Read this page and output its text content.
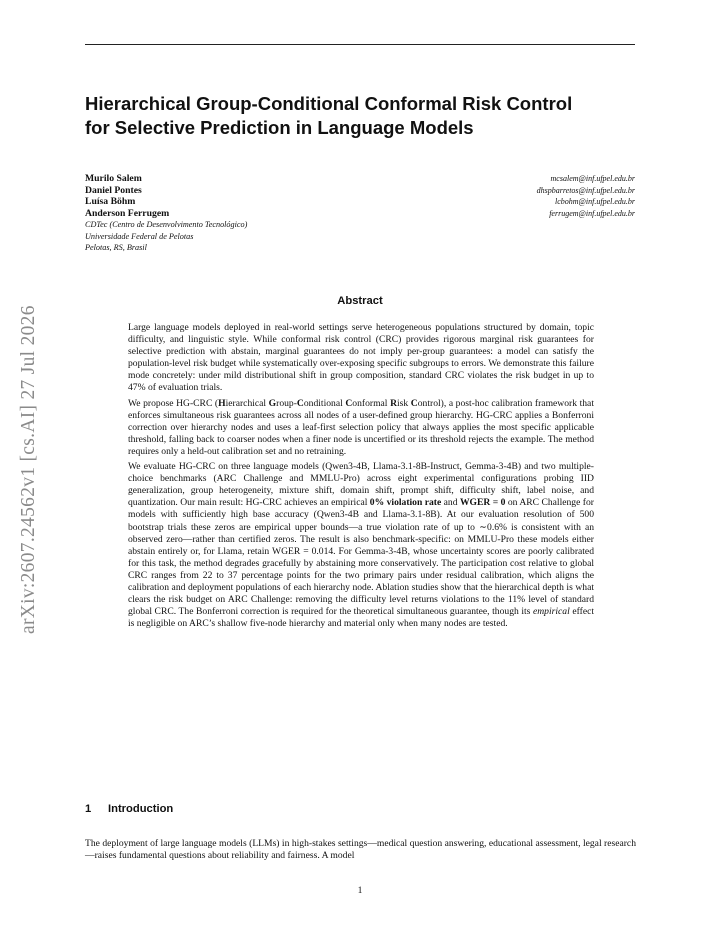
arXiv:2607.24562v1 [cs.AI] 27 Jul 2026
Hierarchical Group-Conditional Conformal Risk Control
for Selective Prediction in Language Models
Murilo Salem	mcsalem@inf.ufpel.edu.br
Daniel Pontes	dhspbarretos@inf.ufpel.edu.br
Luísa Böhm	lcbohm@inf.ufpel.edu.br
Anderson Ferrugem	ferrugem@inf.ufpel.edu.br
CDTec (Centro de Desenvolvimento Tecnológico)
Universidade Federal de Pelotas
Pelotas, RS, Brasil
Abstract

Large language models deployed in real-world settings serve heterogeneous populations structured by domain, topic difficulty, and linguistic style. While conformal risk control (CRC) provides rigorous marginal risk guarantees for selective prediction with abstain, marginal guarantees do not imply per-group guarantees: a model can satisfy the population-level risk budget while systematically over-exposing specific subgroups to errors. We demonstrate this failure mode concretely: under mild distributional shift in group composition, standard CRC violates the risk budget in up to 47% of evaluation trials.

We propose HG-CRC (Hierarchical Group-Conditional Conformal Risk Control), a post-hoc calibration framework that enforces simultaneous risk guarantees across all nodes of a user-defined group hierarchy. HG-CRC applies a Bonferroni correction over hierarchy nodes and uses a leaf-first selection policy that always applies the most specific applicable threshold, falling back to coarser nodes when a finer node is uncertified or its threshold rejects the example. The method requires only a held-out calibration set and no retraining.

We evaluate HG-CRC on three language models (Qwen3-4B, Llama-3.1-8B-Instruct, Gemma-3-4B) and two multiple-choice benchmarks (ARC Challenge and MMLU-Pro) across eight experimental configurations probing IID generalization, group heterogeneity, mixture shift, domain shift, prompt shift, difficulty shift, label noise, and quantization. Our main result: HG-CRC achieves an empirical 0% violation rate and WGER = 0 on ARC Challenge for models with sufficiently high base accuracy (Qwen3-4B and Llama-3.1-8B). At our evaluation resolution of 500 bootstrap trials these zeros are empirical upper bounds—a true violation rate of up to ∼0.6% is consistent with an observed zero—rather than certified zeros. The result is also benchmark-specific: on MMLU-Pro these models either abstain entirely or, for Llama, retain WGER = 0.014. For Gemma-3-4B, whose uncertainty scores are poorly calibrated for this task, the method degrades gracefully by abstaining more conservatively. The participation cost relative to global CRC ranges from 22 to 37 percentage points for the two primary pairs under residual calibration, which aligns the calibration and deployment populations of each hierarchy node. Ablation studies show that the hierarchical depth is what clears the risk budget on ARC Challenge: removing the difficulty level returns violations to the 11% level of standard global CRC. The Bonferroni correction is required for the theoretical simultaneous guarantee, though its empirical effect is negligible on ARC’s shallow five-node hierarchy and material only when many nodes are tested.

1 Introduction

The deployment of large language models (LLMs) in high-stakes settings—medical question answering, educational assessment, legal research—raises fundamental questions about reliability and fairness. A model

1
